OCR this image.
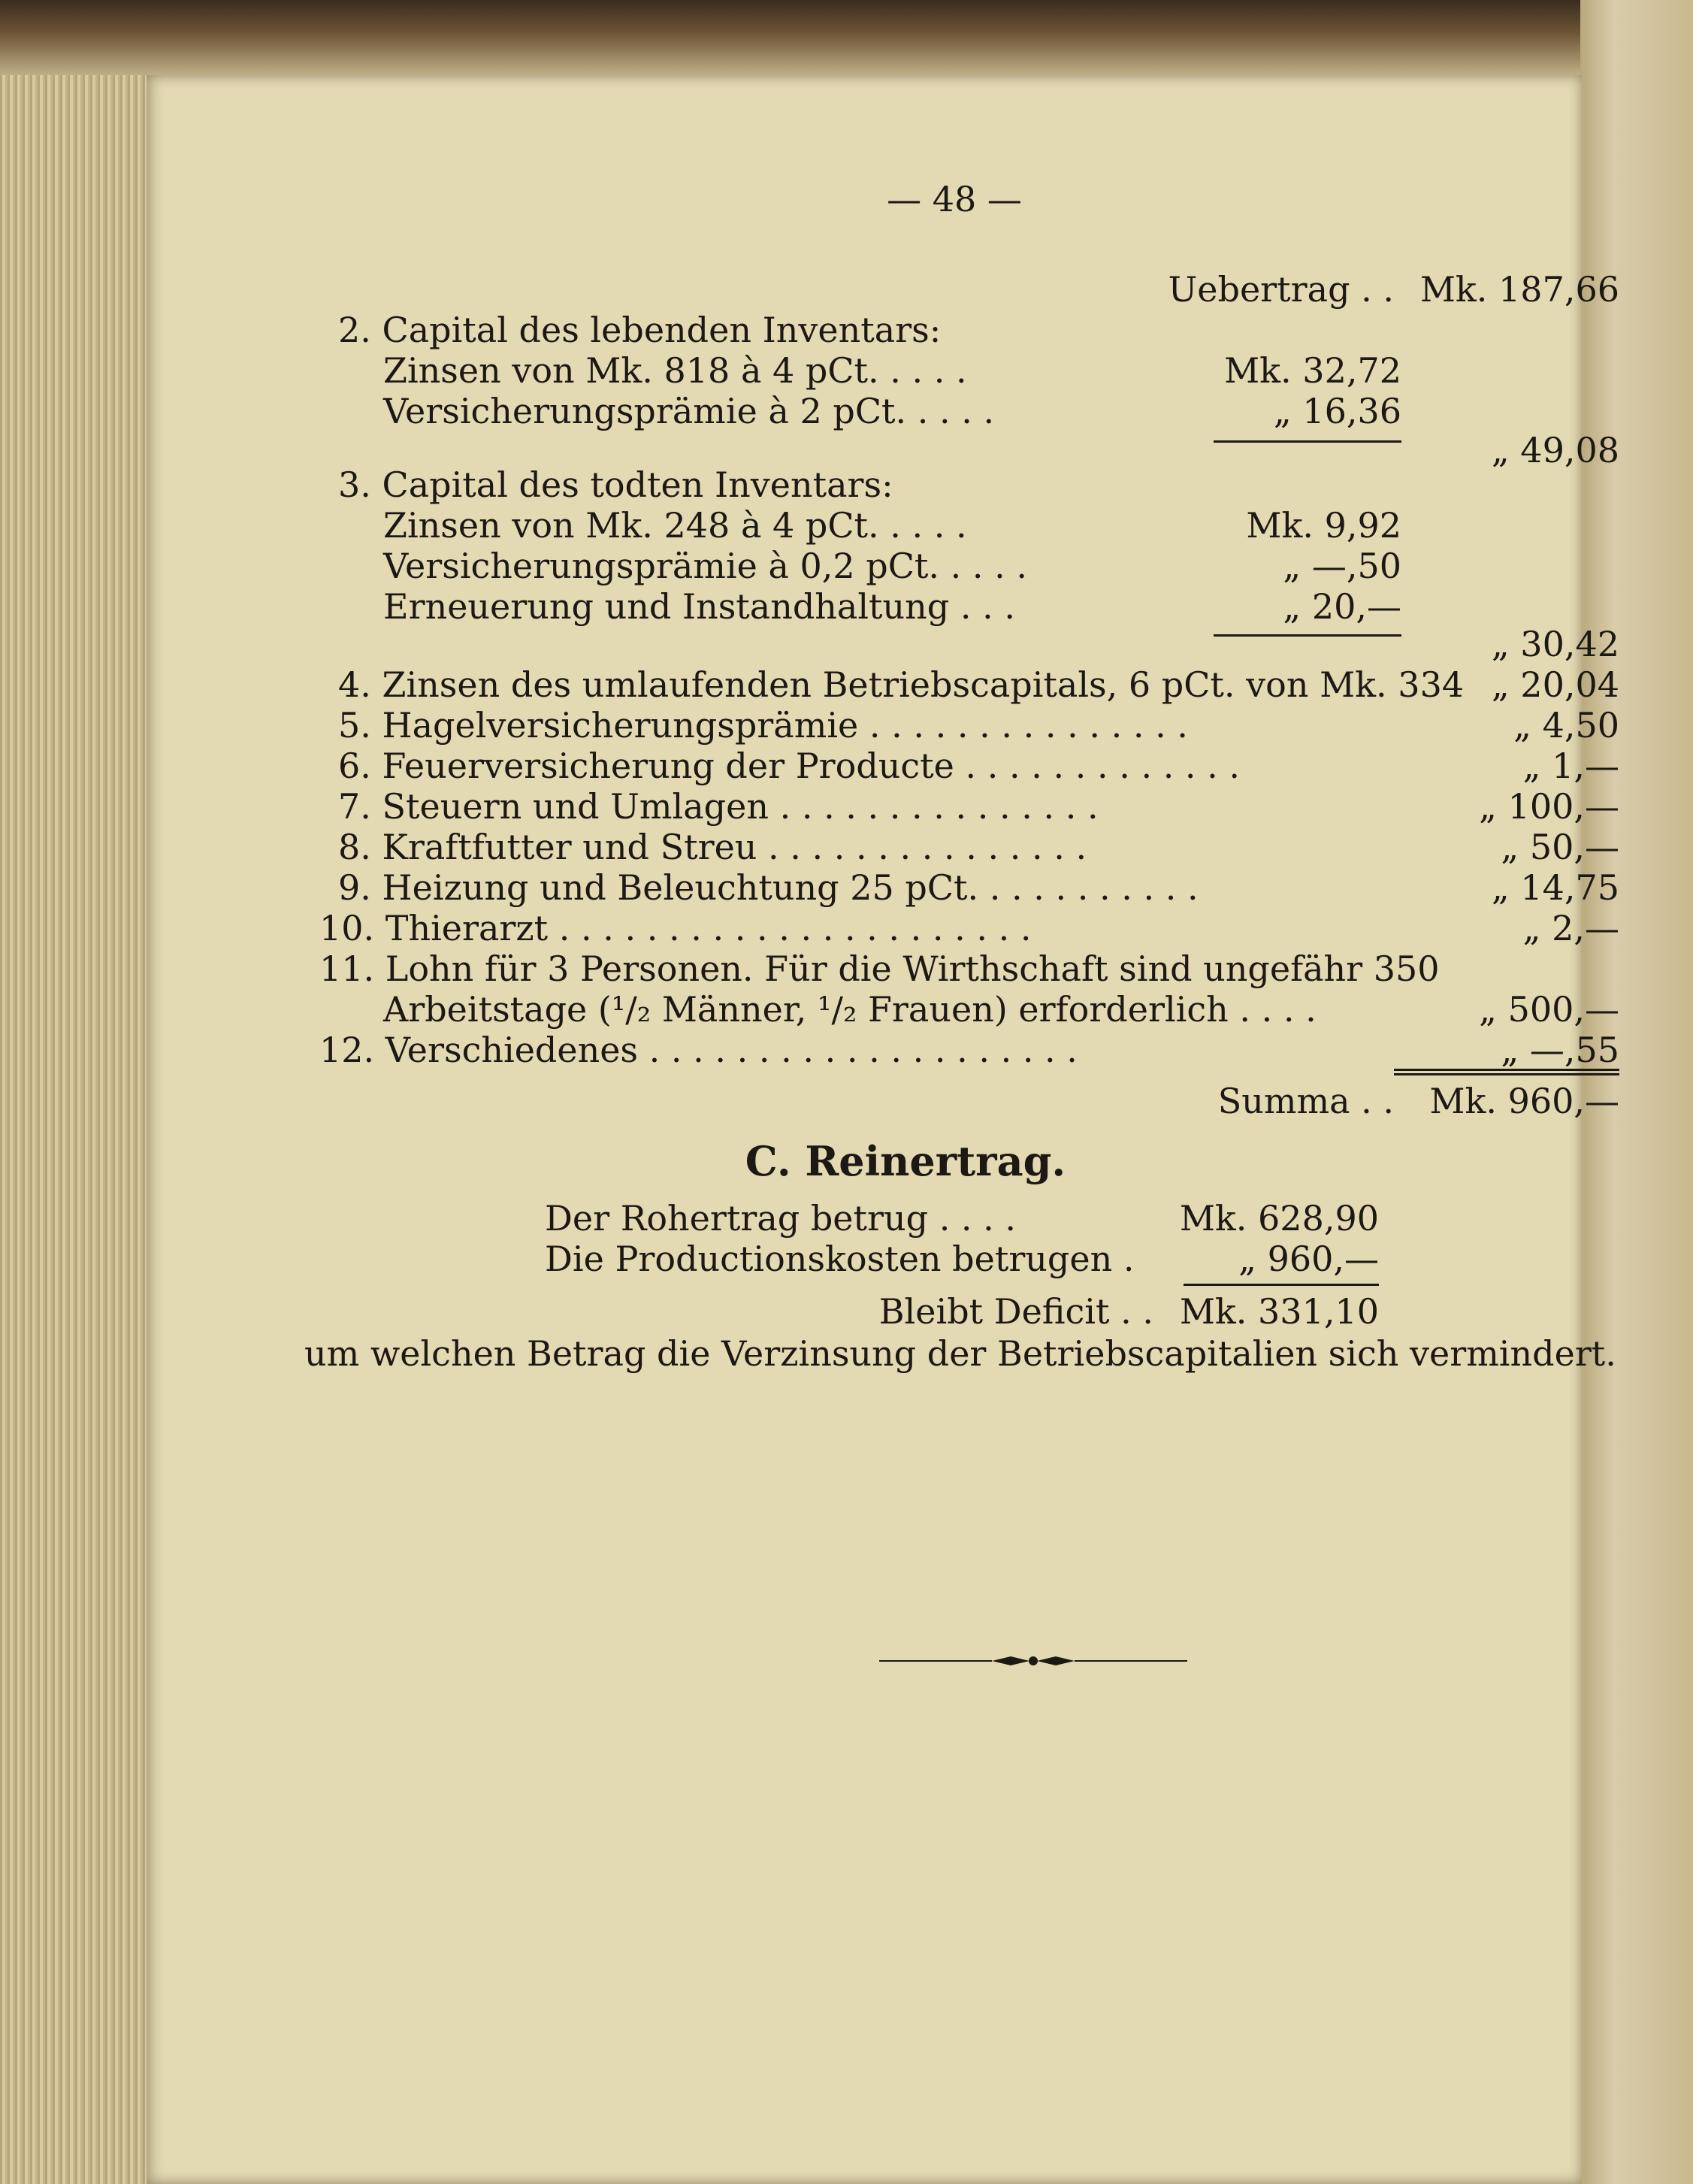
— 48 —
Uebertrag . . Mk. 187,66
2. Capital des lebenden Inventars:
Zinsen von Mk. 818 à 4 pCt. . . . .	Mk. 32,72
Versicherungsprämie à 2 pCt. . . . .	„ 16,36
„ 49,08
3. Capital des todten Inventars:
Zinsen von Mk. 248 à 4 pCt. . . . .	Mk. 9,92
Versicherungsprämie à 0,2 pCt. . . . .	„ —,50
Erneuerung und Instandhaltung . . .	„ 20,—
„ 30,42
4. Zinsen des umlaufenden Betriebscapitals, 6 pCt. von Mk. 334 „ 20,04
5. Hagelversicherungsprämie . . . . . . . . . . . . . . .	„ 4,50
6. Feuerversicherung der Producte . . . . . . . . . . . . .	„ 1,—
7. Steuern und Umlagen . . . . . . . . . . . . . . .	„ 100,—
8. Kraftfutter und Streu . . . . . . . . . . . . . . .	„ 50,—
9. Heizung und Beleuchtung 25 pCt. . . . . . . . . . .	„ 14,75
10. Thierarzt . . . . . . . . . . . . . . . . . . . . . .	„ 2,—
11. Lohn für 3 Personen. Für die Wirthschaft sind ungefähr 350
Arbeitstage (¹/₂ Männer, ¹/₂ Frauen) erforderlich . . . .	„ 500,—
12. Verschiedenes . . . . . . . . . . . . . . . . . . . .	„ —,55
Summa . .	Mk. 960,—
C. Reinertrag.
Der Rohertrag betrug . . . .	Mk. 628,90
Die Productionskosten betrugen .	„ 960,—
Bleibt Deficit . . Mk. 331,10
um welchen Betrag die Verzinsung der Betriebscapitalien sich vermindert.
